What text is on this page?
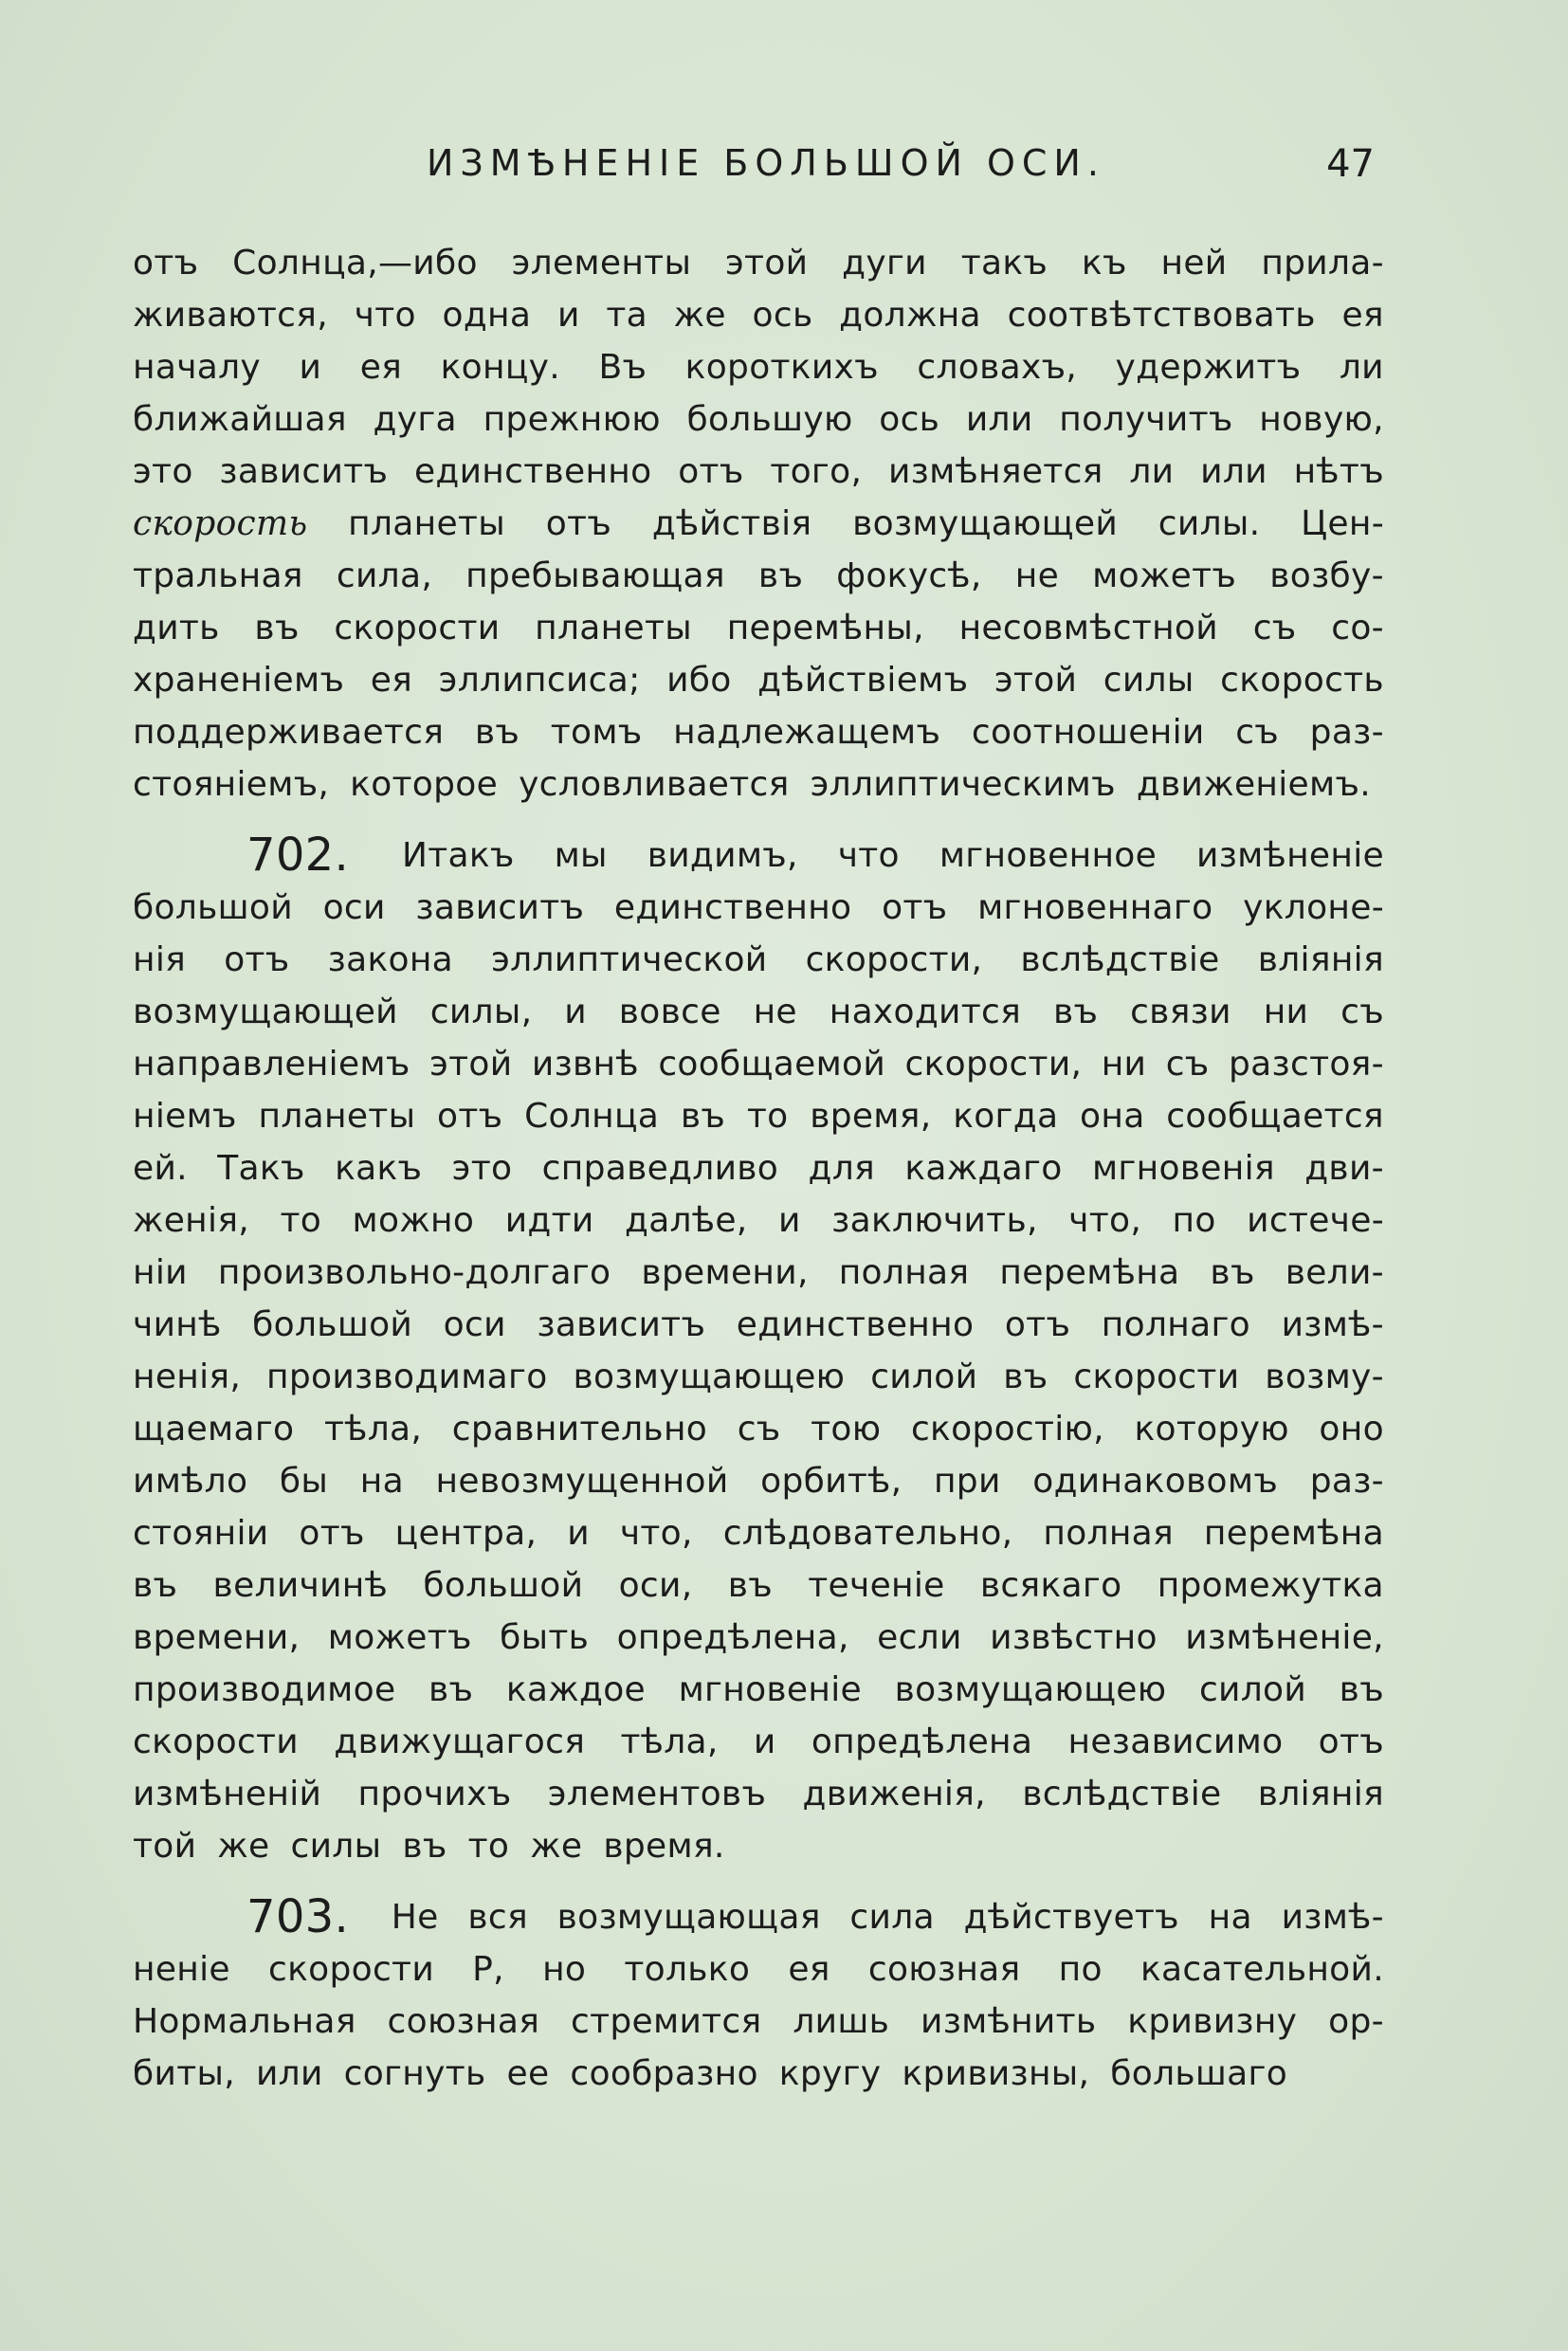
ИЗМѢНЕНІЕ БОЛЬШОЙ ОСИ.	47
отъ Солнца,—ибо элементы этой дуги такъ къ ней прила-
живаются, что одна и та же ось должна соотвѣтствовать ея
началу и ея концу. Въ короткихъ словахъ, удержитъ ли
ближайшая дуга прежнюю большую ось или получитъ новую,
это зависитъ единственно отъ того, измѣняется ли или нѣтъ
скорость планеты отъ дѣйствія возмущающей силы. Цен-
тральная сила, пребывающая въ фокусѣ, не можетъ возбу-
дить въ скорости планеты перемѣны, несовмѣстной съ со-
храненіемъ ея эллипсиса; ибо дѣйствіемъ этой силы скорость
поддерживается въ томъ надлежащемъ соотношеніи съ раз-
стояніемъ, которое условливается эллиптическимъ движеніемъ.
702. Итакъ мы видимъ, что мгновенное измѣненіе
большой оси зависитъ единственно отъ мгновеннаго уклоне-
нія отъ закона эллиптической скорости, вслѣдствіе вліянія
возмущающей силы, и вовсе не находится въ связи ни съ
направленіемъ этой извнѣ сообщаемой скорости, ни съ разстоя-
ніемъ планеты отъ Солнца въ то время, когда она сообщается
ей. Такъ какъ это справедливо для каждаго мгновенія дви-
женія, то можно идти далѣе, и заключить, что, по истече-
ніи произвольно-долгаго времени, полная перемѣна въ вели-
чинѣ большой оси зависитъ единственно отъ полнаго измѣ-
ненія, производимаго возмущающею силой въ скорости возму-
щаемаго тѣла, сравнительно съ тою скоростію, которую оно
имѣло бы на невозмущенной орбитѣ, при одинаковомъ раз-
стояніи отъ центра, и что, слѣдовательно, полная перемѣна
въ величинѣ большой оси, въ теченіе всякаго промежутка
времени, можетъ быть опредѣлена, если извѣстно измѣненіе,
производимое въ каждое мгновеніе возмущающею силой въ
скорости движущагося тѣла, и опредѣлена независимо отъ
измѣненій прочихъ элементовъ движенія, вслѣдствіе вліянія
той же силы въ то же время.
703. Не вся возмущающая сила дѣйствуетъ на измѣ-
неніе скорости P, но только ея союзная по касательной.
Нормальная союзная стремится лишь измѣнить кривизну ор-
биты, или согнуть ее сообразно кругу кривизны, большаго
